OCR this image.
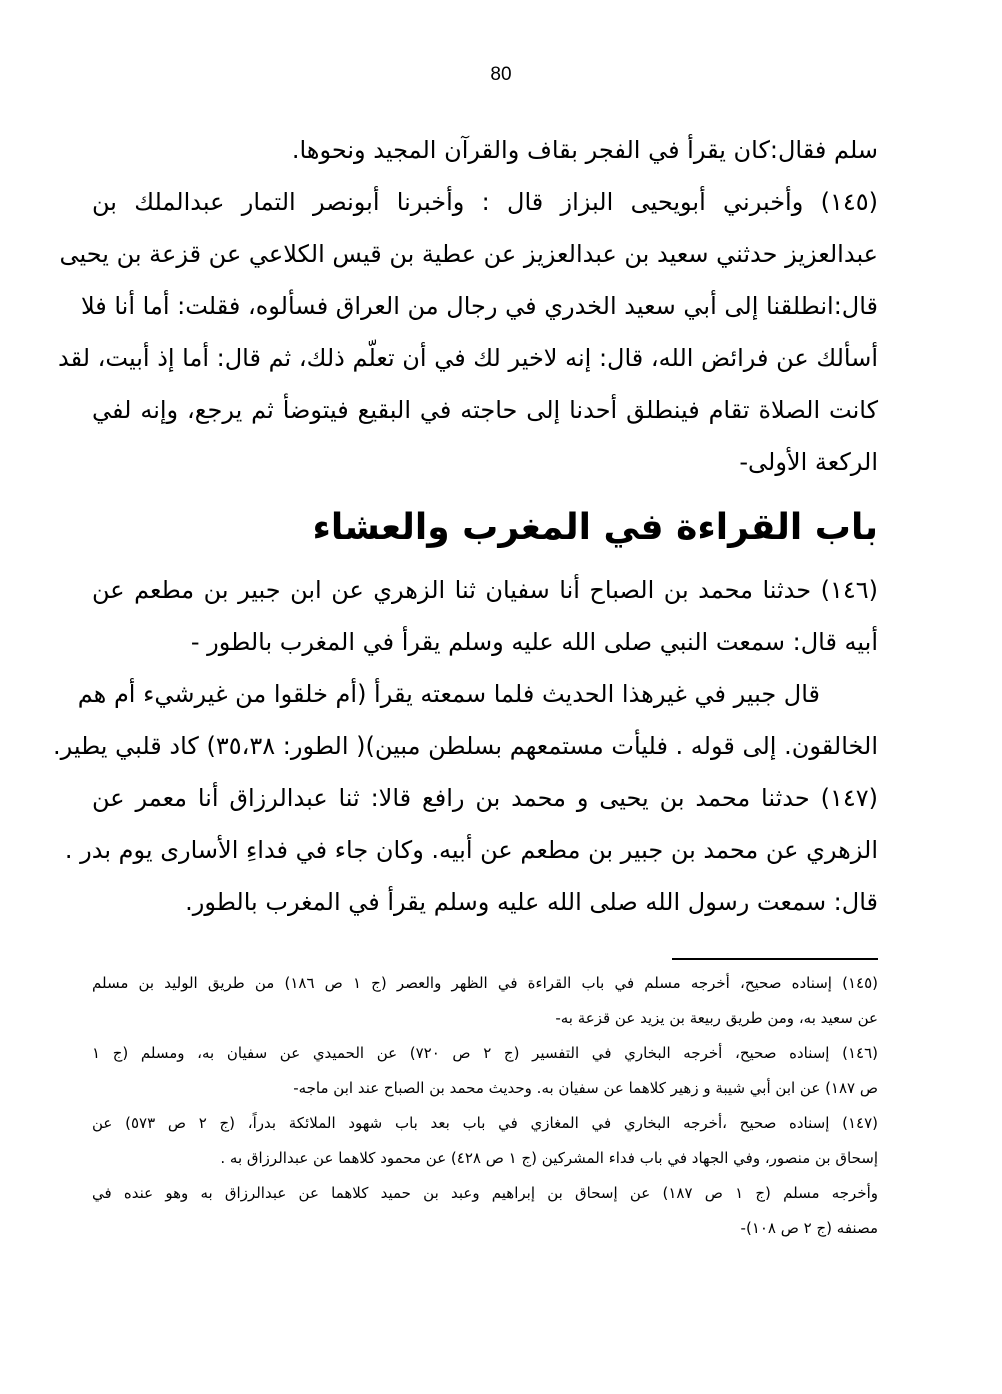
80
سلم فقال:كان يقرأ في الفجر بقاف والقرآن المجيد ونحوها.
(١٤٥) وأخبرني أبويحيى البزاز قال : وأخبرنا أبونصر التمار عبدالملك بن
عبدالعزيز حدثني سعيد بن عبدالعزيز عن عطية بن قيس الكلاعي عن قزعة بن يحيى
قال:انطلقنا إلى أبي سعيد الخدري في رجال من العراق فسألوه، فقلت: أما أنا فلا
أسألك عن فرائض الله، قال: إنه لاخير لك في أن تعلّم ذلك، ثم قال: أما إذ أبيت، لقد
كانت الصلاة تقام فينطلق أحدنا إلى حاجته في البقيع فيتوضأ ثم يرجع، وإنه لفي
الركعة الأولى-
باب القراءة في المغرب والعشاء
(١٤٦) حدثنا محمد بن الصباح أنا سفيان ثنا الزهري عن ابن جبير بن مطعم عن
أبيه قال: سمعت النبي صلى الله عليه وسلم يقرأ في المغرب بالطور -
قال جبير في غيرهذا الحديث فلما سمعته يقرأ (أم خلقوا من غيرشيء أم هم
الخالقون. إلى قوله . فليأت مستمعهم بسلطن مبين)( الطور: ٣٥،٣٨) كاد قلبي يطير.
(١٤٧) حدثنا محمد بن يحيى و محمد بن رافع قالا: ثنا عبدالرزاق أنا معمر عن
الزهري عن محمد بن جبير بن مطعم عن أبيه. وكان جاء في فداءِ الأسارى يوم بدر .
قال: سمعت رسول الله صلى الله عليه وسلم يقرأ في المغرب بالطور.
(١٤٥) إسناده صحيح، أخرجه مسلم في باب القراءة في الظهر والعصر (ج ١ ص ١٨٦) من طريق الوليد بن مسلم
عن سعيد به، ومن طريق ربيعة بن يزيد عن قزعة به-
(١٤٦) إسناده صحيح، أخرجه البخاري في التفسير (ج ٢ ص ٧٢٠) عن الحميدي عن سفيان به، ومسلم (ج ١
ص ١٨٧) عن ابن أبي شيبة و زهير كلاهما عن سفيان به. وحديث محمد بن الصباح عند ابن ماجه-
(١٤٧) إسناده صحيح ،أخرجه البخاري في المغازي في باب بعد باب شهود الملائكة بدراً، (ج ٢ ص ٥٧٣) عن
إسحاق بن منصور، وفي الجهاد في باب فداء المشركين (ج ١ ص ٤٢٨) عن محمود كلاهما عن عبدالرزاق به .
وأخرجه مسلم (ج ١ ص ١٨٧) عن إسحاق بن إبراهيم وعبد بن حميد كلاهما عن عبدالرزاق به وهو عنده في
مصنفه (ج ٢ ص ١٠٨)-
